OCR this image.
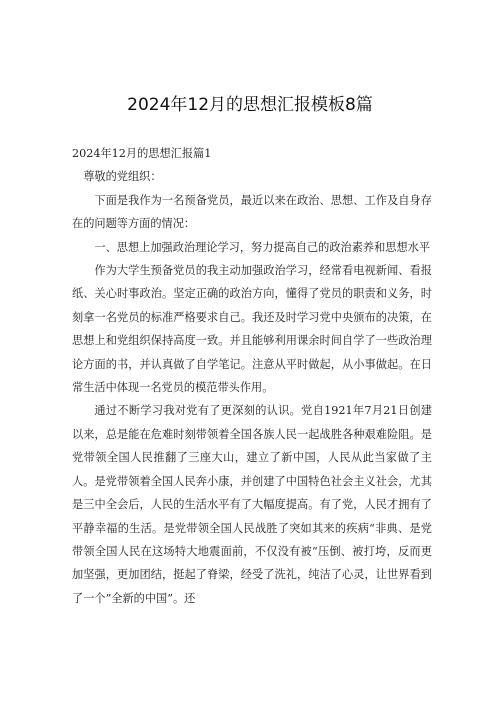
2024年12月的思想汇报模板8篇

2024年12月的思想汇报篇1

尊敬的党组织：

下面是我作为一名预备党员，最近以来在政治、思想、工作及自身存在的问题等方面的情况：

一、思想上加强政治理论学习，努力提高自己的政治素养和思想水平

作为大学生预备党员的我主动加强政治学习，经常看电视新闻、看报纸、关心时事政治。坚定正确的政治方向，懂得了党员的职责和义务，时刻拿一名党员的标准严格要求自己。我还及时学习党中央颁布的决策，在思想上和党组织保持高度一致。并且能够利用课余时间自学了一些政治理论方面的书，并认真做了自学笔记。注意从平时做起，从小事做起。在日常生活中体现一名党员的模范带头作用。

通过不断学习我对党有了更深刻的认识。党自1921年7月21日创建以来，总是能在危难时刻带领着全国各族人民一起战胜各种艰难险阻。是党带领全国人民推翻了三座大山，建立了新中国，人民从此当家做了主人。是党带领着全国人民奔小康，并创建了中国特色社会主义社会，尤其是三中全会后，人民的生活水平有了大幅度提高。有了党，人民才拥有了平静幸福的生活。是党带领全国人民战胜了突如其来的疾病“非典、是党带领全国人民在这场特大地震面前，不仅没有被“压倒、被打垮，反而更加坚强，更加团结，挺起了脊梁，经受了洗礼，纯洁了心灵，让世界看到了一个”全新的中国”。还
